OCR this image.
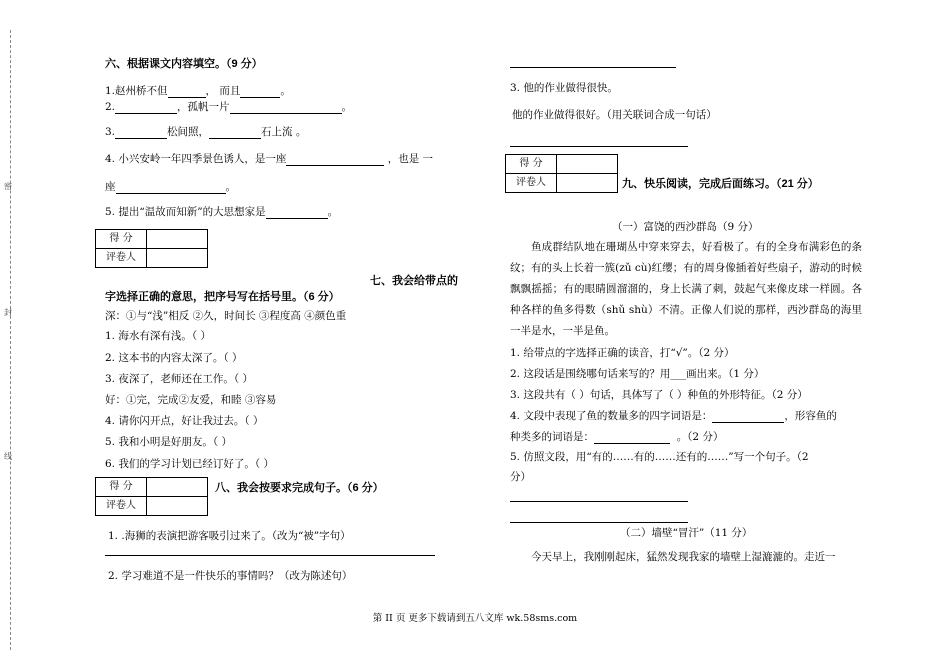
密
封
线
六、根据课文内容填空。（9 分）
1.赵州桥不但	， 而且	。
2.	，孤帆一片	。
3.	松间照，	石上流 。
4. 小兴安岭一年四季景色诱人，是一座	，也是 一
座	。
5. 提出“温故而知新”的大思想家是	。
得 分	
评卷人	
七、我会给带点的
字选择正确的意思，把序号写在括号里。（6 分）
深：①与“浅”相反 ②久，时间长 ③程度高 ④颜色重
1. 海水有深有浅。（ ）
2. 这本书的内容太深了。（ ）
3. 夜深了，老师还在工作。（ ）
好：①完，完成②友爱，和睦 ③容易
4. 请你闪开点，好让我过去。（ ）
5. 我和小明是好朋友。（ ）
6. 我们的学习计划已经订好了。（ ）
得 分	
评卷人	
八、我会按要求完成句子。（6 分）
1. .海狮的表演把游客吸引过来了。（改为“被”字句）
2. 学习难道不是一件快乐的事情吗？（改为陈述句）
3. 他的作业做得很快。
他的作业做得很好。（用关联词合成一句话）
得 分	
评卷人		九、快乐阅读，完成后面练习。（21 分）
（一）富饶的西沙群岛（9 分）
鱼成群结队地在珊瑚丛中穿来穿去，好看极了。有的全身布满彩色的条纹；有的头上长着一簇(zǔ cù)红缨；有的周身像插着好些扇子，游动的时候飘飘摇摇；有的眼睛圆溜溜的，身上长满了刺，鼓起气来像皮球一样圆。各种各样的鱼多得数（shǔ shù）不清。正像人们说的那样，西沙群岛的海里一半是水，一半是鱼。
1. 给带点的字选择正确的读音，打“√”。（2 分）
2. 这段话是围绕哪句话来写的？用___画出来。（1 分）
3. 这段共有（ ）句话，具体写了（ ）种鱼的外形特征。（2 分）
4. 文段中表现了鱼的数量多的四字词语是：	，形容鱼的
种类多的词语是：	。（2 分）
5. 仿照文段，用“有的……有的……还有的……”写一个句子。（2
分）
（二）墙壁“冒汗”（11 分）
今天早上，我刚刚起床，猛然发现我家的墙壁上湿漉漉的。走近一
第 II 页 更多下载请到五八文库 wk.58sms.com
